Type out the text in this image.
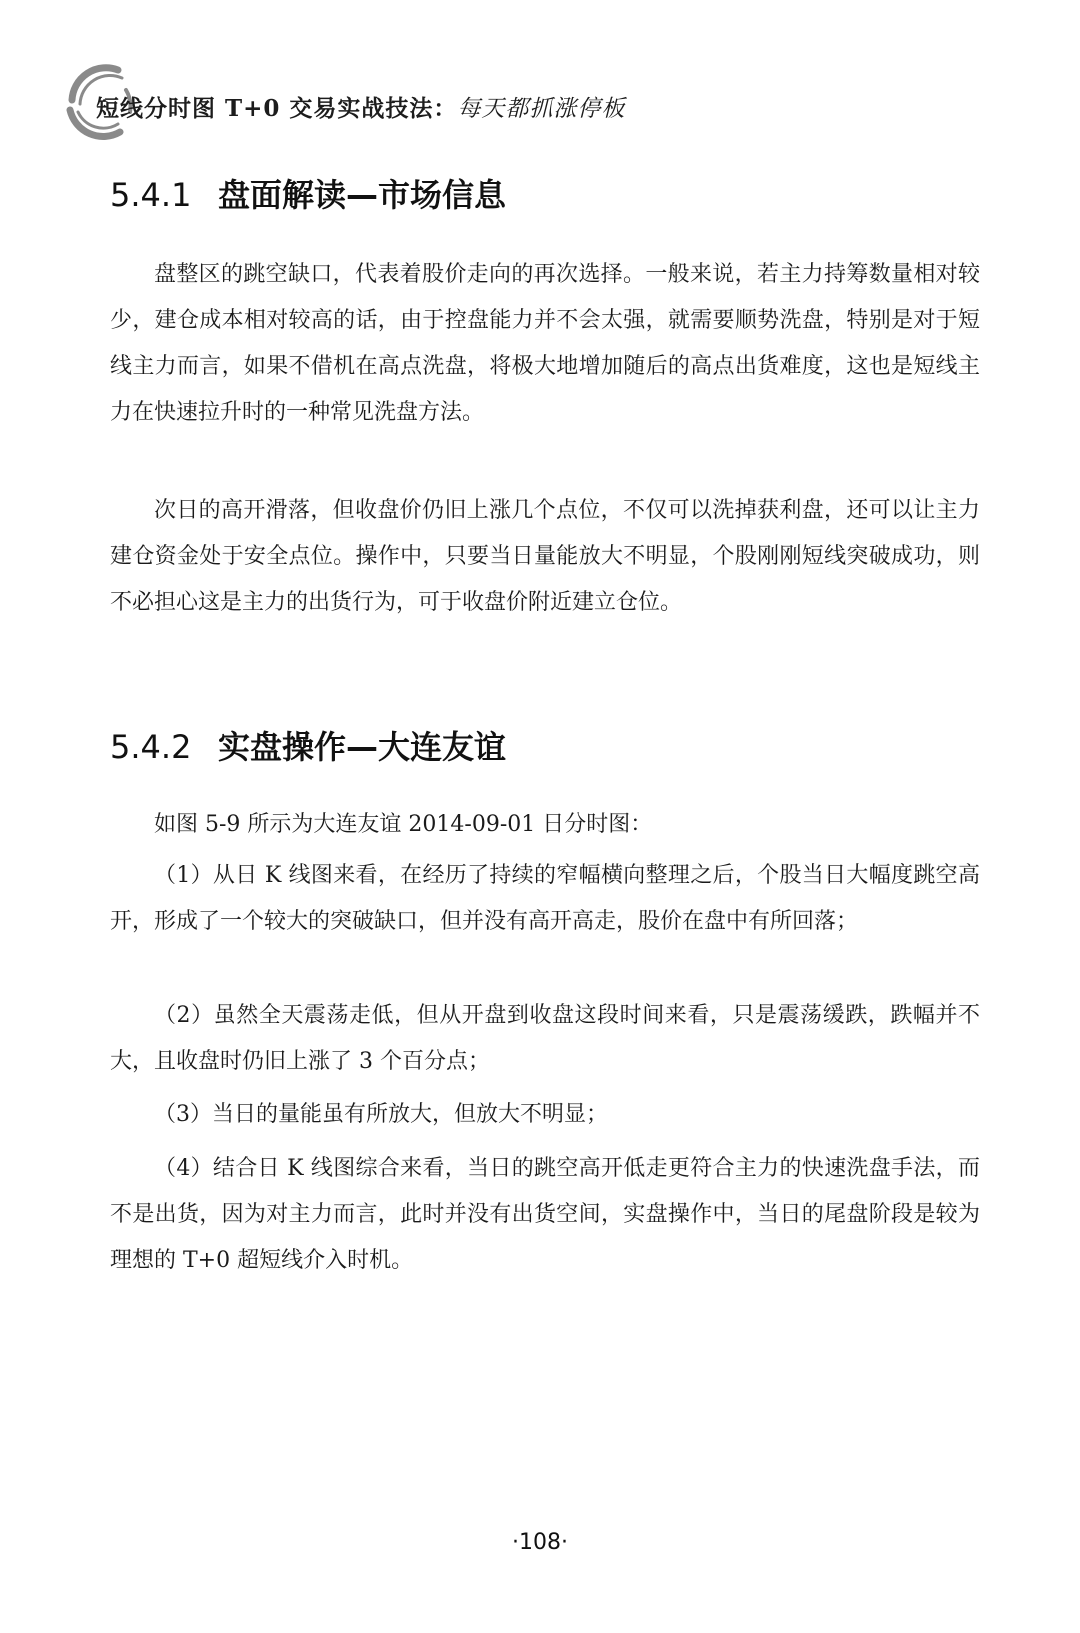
短线分时图 T+0 交易实战技法：每天都抓涨停板
5.4.1 盘面解读—市场信息

盘整区的跳空缺口，代表着股价走向的再次选择。一般来说，若主力持筹数量相对较少，建仓成本相对较高的话，由于控盘能力并不会太强，就需要顺势洗盘，特别是对于短线主力而言，如果不借机在高点洗盘，将极大地增加随后的高点出货难度，这也是短线主力在快速拉升时的一种常见洗盘方法。

次日的高开滑落，但收盘价仍旧上涨几个点位，不仅可以洗掉获利盘，还可以让主力建仓资金处于安全点位。操作中，只要当日量能放大不明显，个股刚刚短线突破成功，则不必担心这是主力的出货行为，可于收盘价附近建立仓位。

5.4.2 实盘操作—大连友谊

如图 5-9 所示为大连友谊 2014-09-01 日分时图：

（1）从日 K 线图来看，在经历了持续的窄幅横向整理之后，个股当日大幅度跳空高开，形成了一个较大的突破缺口，但并没有高开高走，股价在盘中有所回落；

（2）虽然全天震荡走低，但从开盘到收盘这段时间来看，只是震荡缓跌，跌幅并不大，且收盘时仍旧上涨了 3 个百分点；

（3）当日的量能虽有所放大，但放大不明显；

（4）结合日 K 线图综合来看，当日的跳空高开低走更符合主力的快速洗盘手法，而不是出货，因为对主力而言，此时并没有出货空间，实盘操作中，当日的尾盘阶段是较为理想的 T+0 超短线介入时机。

·108·
